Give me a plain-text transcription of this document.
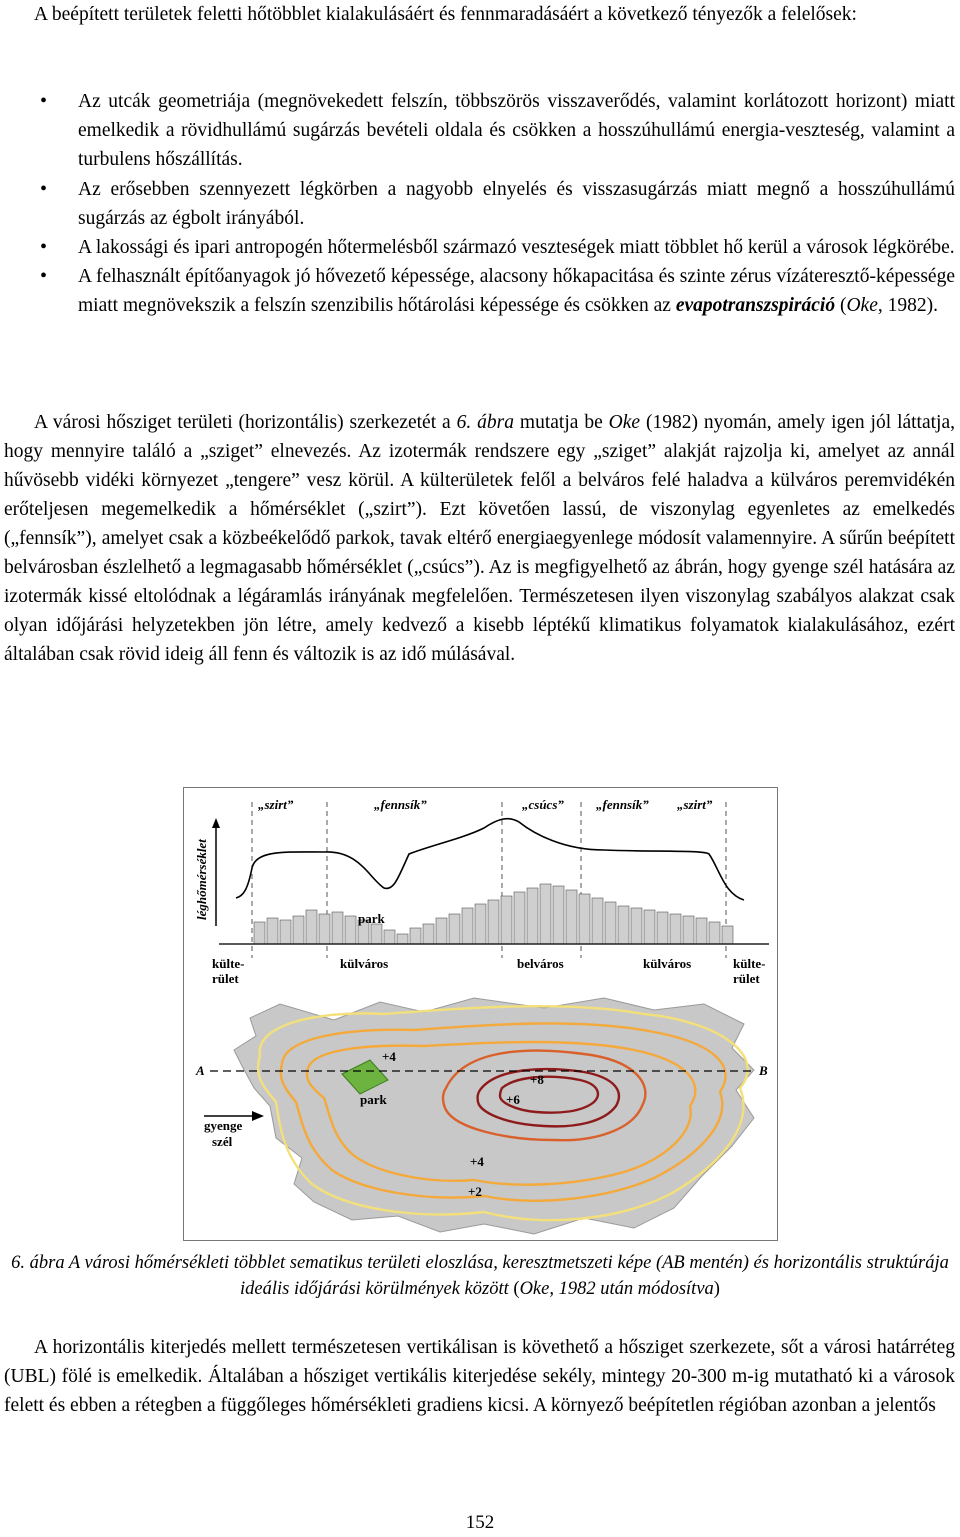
A beépített területek feletti hőtöbblet kialakulásáért és fennmaradásáért a következő tényezők a felelősek:
• Az utcák geometriája (megnövekedett felszín, többszörös visszaverődés, valamint korlátozott horizont) miatt emelkedik a rövidhullámú sugárzás bevételi oldala és csökken a hosszúhullámú energia-veszteség, valamint a turbulens hőszállítás.
• Az erősebben szennyezett légkörben a nagyobb elnyelés és visszasugárzás miatt megnő a hosszúhullámú sugárzás az égbolt irányából.
• A lakossági és ipari antropogén hőtermelésből származó veszteségek miatt többlet hő kerül a városok légkörébe.
• A felhasznált építőanyagok jó hővezető képessége, alacsony hőkapacitása és szinte zérus vízáteresztő-képessége miatt megnövekszik a felszín szenzibilis hőtárolási képessége és csökken az evapotranszspiráció (Oke, 1982).
A városi hősziget területi (horizontális) szerkezetét a 6. ábra mutatja be Oke (1982) nyomán, amely igen jól láttatja, hogy mennyire találó a „sziget” elnevezés. Az izotermák rendszere egy „sziget” alakját rajzolja ki, amelyet az annál hűvösebb vidéki környezet „tengere” vesz körül. A külterületek felől a belváros felé haladva a külváros peremvidékén erőteljesen megemelkedik a hőmérséklet („szirt”). Ezt követően lassú, de viszonylag egyenletes az emelkedés („fennsík”), amelyet csak a közbeékelődő parkok, tavak eltérő energiaegyenlege módosít valamennyire. A sűrűn beépített belvárosban észlelhető a legmagasabb hőmérséklet („csúcs”). Az is megfigyelhető az ábrán, hogy gyenge szél hatására az izotermák kissé eltolódnak a légáramlás irányának megfelelően. Természetesen ilyen viszonylag szabályos alakzat csak olyan időjárási helyzetekben jön létre, amely kedvező a kisebb léptékű klimatikus folyamatok kialakulásához, ezért általában csak rövid ideig áll fenn és változik is az idő múlásával.
„szirt”	„fennsík”	„csúcs” „fennsík” „szirt”
léghőmérséklet	park
külte-
rület
külváros	belváros	külváros	külte-
rület
A	B
gyenge
szél
+4
+8
+6
+4
+2
park
6. ábra A városi hőmérsékleti többlet sematikus területi eloszlása, keresztmetszeti képe (AB mentén) és horizontális struktúrája ideális időjárási körülmények között (Oke, 1982 után módosítva)
A horizontális kiterjedés mellett természetesen vertikálisan is követhető a hősziget szerkezete, sőt a városi határréteg (UBL) fölé is emelkedik. Általában a hősziget vertikális kiterjedése sekély, mintegy 20-300 m-ig mutatható ki a városok felett és ebben a rétegben a függőleges hőmérsékleti gradiens kicsi. A környező beépítetlen régióban azonban a jelentős
152
